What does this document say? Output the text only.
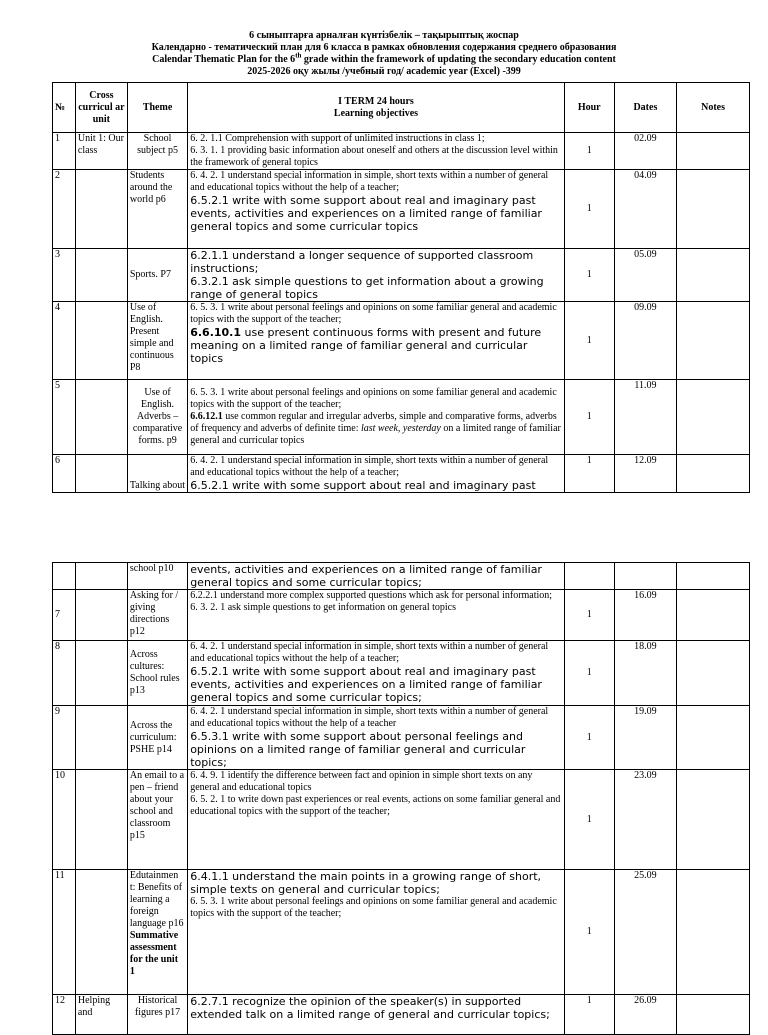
6 сыныптарға арналған күнтізбелік – тақырыптық жоспар
Календарно - тематический план для 6 класса в рамках обновления содержания среднего образования
Calendar Thematic Plan for the 6th grade within the framework of updating the secondary education content
2025-2026 оқу жылы /учебный год/ academic year (Excel) -399
№	Cross curricul ar unit	Theme	I TERM 24 hours
Learning objectives	Hour	Dates	Notes
1	Unit 1: Our class	School subject p5	6. 2. 1.1 Comprehension with support of unlimited instructions in class 1;
6. 3. 1. 1 providing basic information about oneself and others at the discussion level within the framework of general topics	1	02.09	
2		Students around the world p6	6. 4. 2. 1 understand special information in simple, short texts within a number of general and educational topics without the help of a teacher;
6.5.2.1 write with some support about real and imaginary past events, activities and experiences on a limited range of familiar general topics and some curricular topics	1	04.09	
3		Sports. P7	6.2.1.1 understand a longer sequence of supported classroom instructions;
6.3.2.1 ask simple questions to get information about a growing range of general topics	1	05.09	
4		Use of English. Present simple and continuous P8	6. 5. 3. 1 write about personal feelings and opinions on some familiar general and academic topics with the support of the teacher;
6.6.10.1 use present continuous forms with present and future meaning on a limited range of familiar general and curricular topics	1	09.09	
5		Use of English. Adverbs – comparative forms. p9	6. 5. 3. 1 write about personal feelings and opinions on some familiar general and academic topics with the support of the teacher;
6.6.12.1 use common regular and irregular adverbs, simple and comparative forms, adverbs of frequency and adverbs of definite time: last week, yesterday on a limited range of familiar general and curricular topics	1	11.09	
6		Talking about	6. 4. 2. 1 understand special information in simple, short texts within a number of general and educational topics without the help of a teacher;
6.5.2.1 write with some support about real and imaginary past	1	12.09	
		school p10	events, activities and experiences on a limited range of familiar general topics and some curricular topics;			

7		Asking for / giving directions p12	6.2.2.1 understand more complex supported questions which ask for personal information;
6. 3. 2. 1 ask simple questions to get information on general topics	1	16.09	
8		Across cultures: School rules p13	6. 4. 2. 1 understand special information in simple, short texts within a number of general and educational topics without the help of a teacher;
6.5.2.1 write with some support about real and imaginary past events, activities and experiences on a limited range of familiar general topics and some curricular topics;	1	18.09	
9		Across the curriculum: PSHE p14	6. 4. 2. 1 understand special information in simple, short texts within a number of general and educational topics without the help of a teacher
6.5.3.1 write with some support about personal feelings and opinions on a limited range of familiar general and curricular topics;	1	19.09	
10		An email to a pen – friend about your school and classroom p15	6. 4. 9. 1 identify the difference between fact and opinion in simple short texts on any general and educational topics
6. 5. 2. 1 to write down past experiences or real events, actions on some familiar general and educational topics with the support of the teacher;	1	23.09	
11		Edutainmen t: Benefits of learning a foreign language p16
Summative assessment for the unit 1	6.4.1.1 understand the main points in a growing range of short, simple texts on general and curricular topics;
6. 5. 3. 1 write about personal feelings and opinions on some familiar general and academic topics with the support of the teacher;	1	25.09	
12	Helping and	Historical figures p17	6.2.7.1 recognize the opinion of the speaker(s) in supported extended talk on a limited range of general and curricular topics;	1	26.09	
